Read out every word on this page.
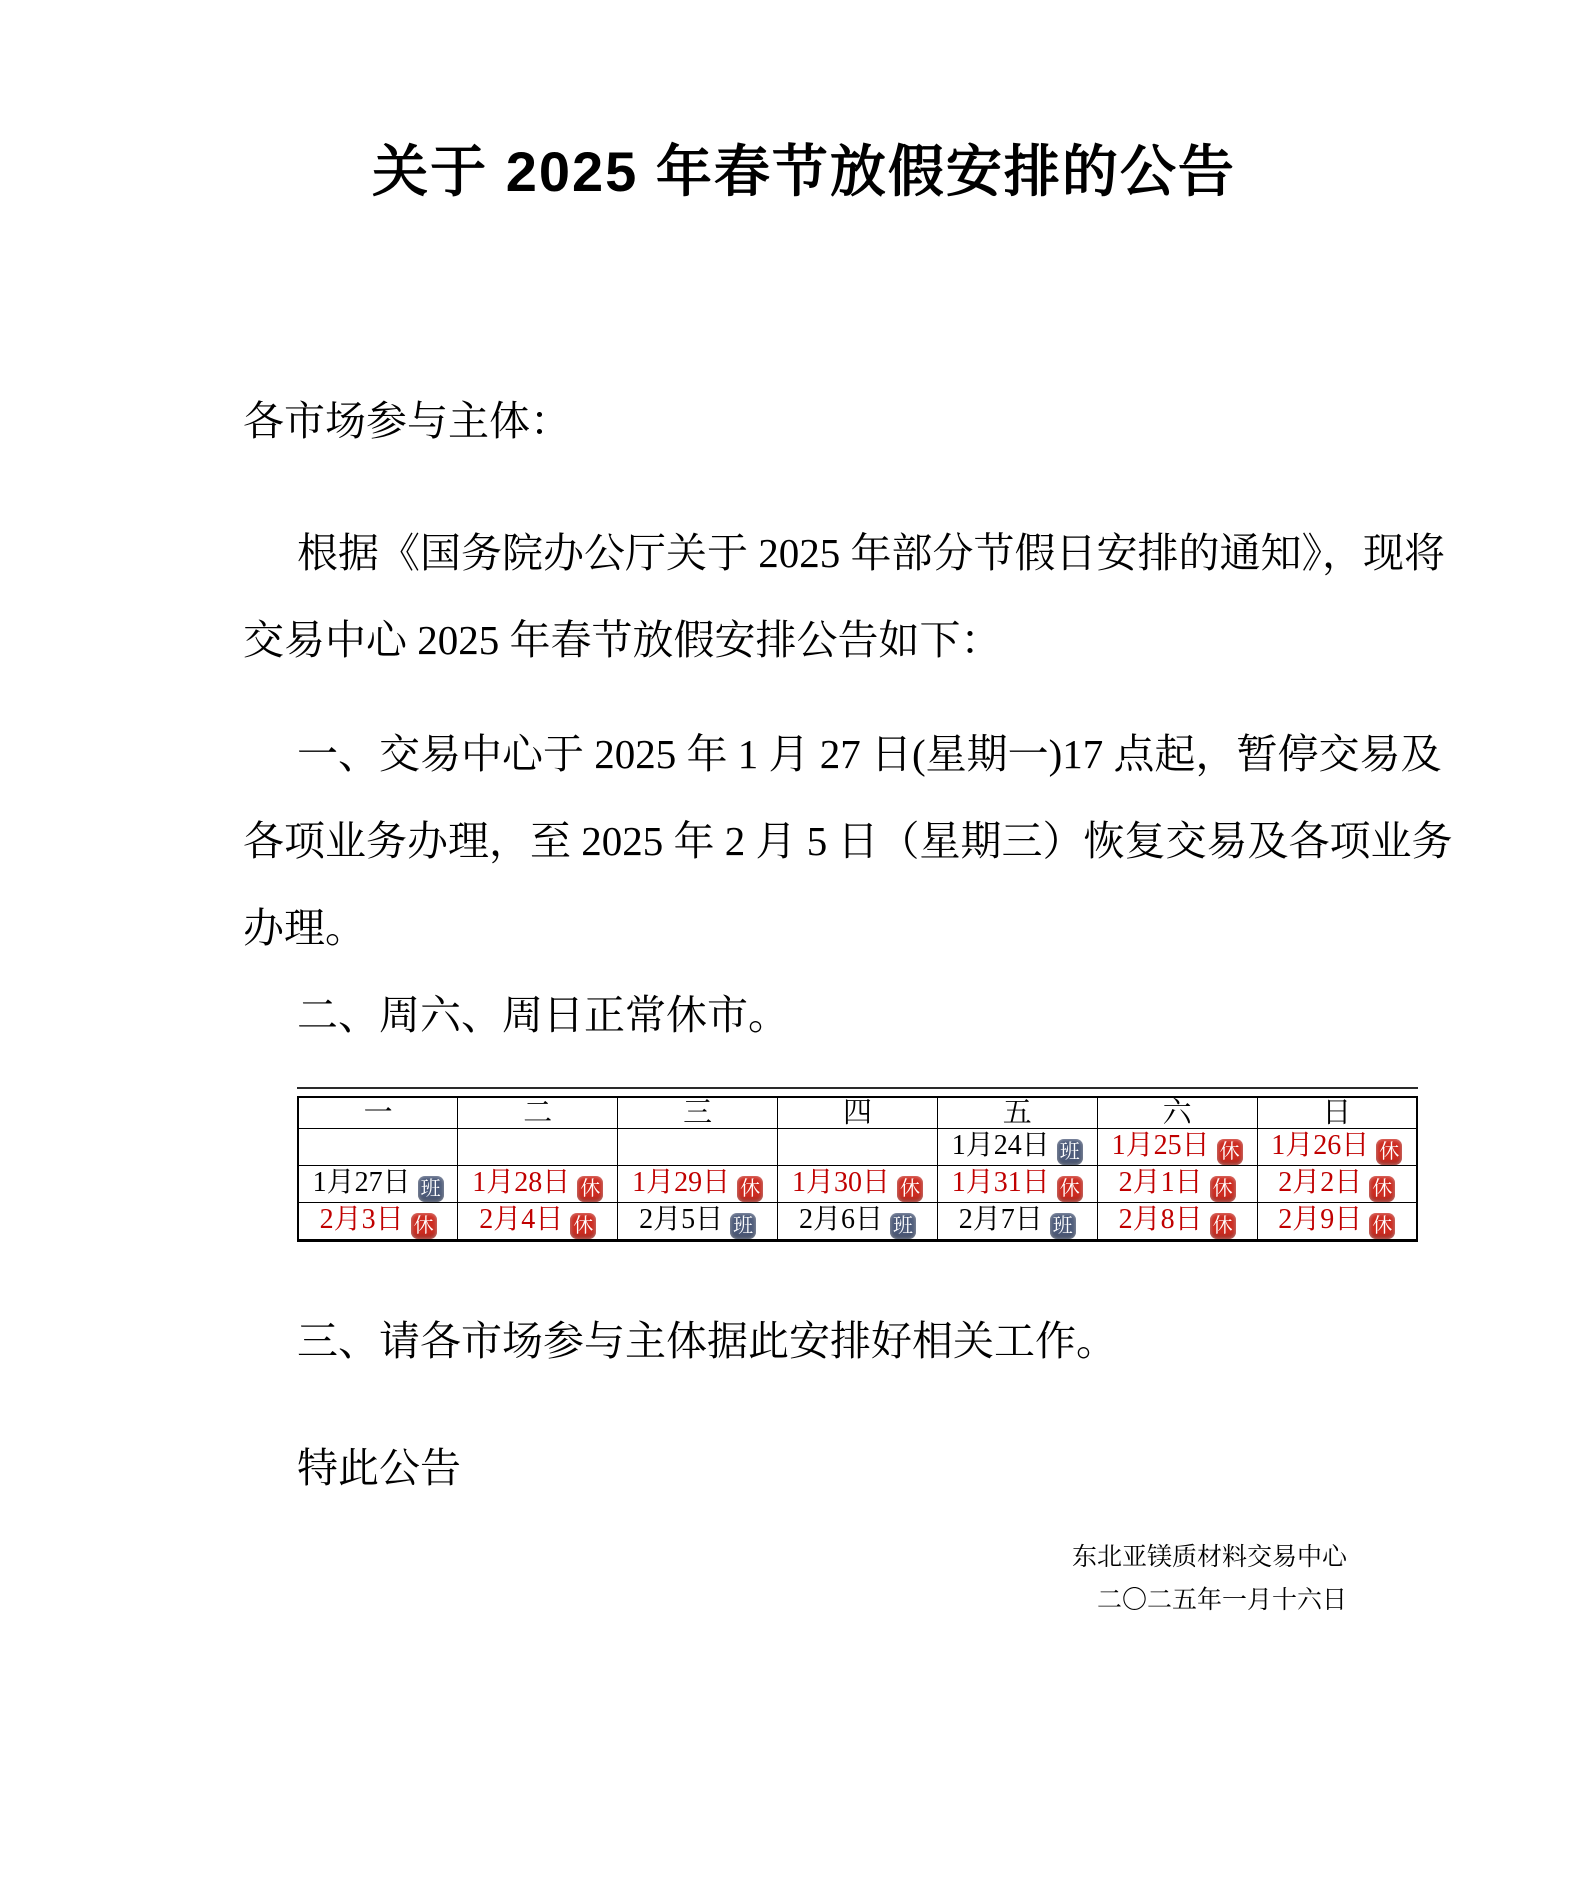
关于 2025 年春节放假安排的公告
各市场参与主体：
根据《国务院办公厅关于 2025 年部分节假日安排的通知》，现将
交易中心 2025 年春节放假安排公告如下：
一、交易中心于 2025 年 1 月 27 日(星期一)17 点起，暂停交易及
各项业务办理，至 2025 年 2 月 5 日（星期三）恢复交易及各项业务
办理。
二、周六、周日正常休市。
一	二	三	四	五	六	日
				1月24日 班	1月25日 休	1月26日 休
1月27日 班	1月28日 休	1月29日 休	1月30日 休	1月31日 休	2月1日 休	2月2日 休
2月3日 休	2月4日 休	2月5日 班	2月6日 班	2月7日 班	2月8日 休	2月9日 休
三、请各市场参与主体据此安排好相关工作。
特此公告
东北亚镁质材料交易中心
二〇二五年一月十六日
